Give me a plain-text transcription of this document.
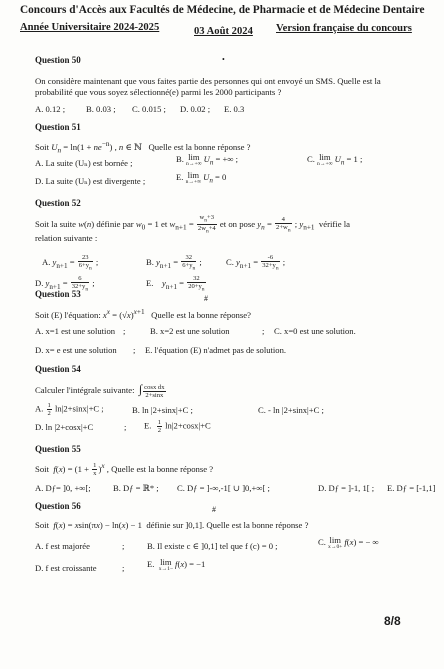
Concours d'Accès aux Facultés de Médecine, de Pharmacie et de Médecine Dentaire
Année Universitaire 2024-2025	03 Août 2024 Version française du concours
Question 50	•
On considère maintenant que vous faites partie des personnes qui ont envoyé un SMS. Quelle est la
probabilité que vous soyez sélectionné(e) parmi les 2000 participants ?
A. 0.12 ; B. 0.03 ; C. 0.015 ; D. 0.02 ; E. 0.3
Question 51
Soit $U_n = \ln(1 + ne^{-n})$ , n ∈ ℕ   Quelle est la bonne réponse ?
A. La suite (Uₙ) est bornée ;	B. lim
n→+∞ $U_n$ = +∞ ;	C. lim
n→+∞ $U_n = 1$ ;
D. La suite (Uₙ) est divergente ;	E. lim
n→+∞ $U_n = 0$
Question 52
Soit la suite w(n) définie par $w_0 = 1$ et $w_{n+1} = \frac{w_n+3}{2w_n+4}$ et on pose $y_n = \frac{4}{2+w_n}$ ; $y_{n+1}$  vérifie la
relation suivante :
A. $y_{n+1} = \frac{23}{6+y_n}$ ;	B. $y_{n+1} = \frac{32}{6+y_n}$ ;	C. $y_{n+1} = \frac{-6}{32+y_n}$ ;
D. $y_{n+1} = \frac{6}{32+y_n}$ ;	E.    $y_{n+1} = \frac{32}{20+y_n}$
Question 53	#
Soit (E) l'équation: $x^x = (√x)^{x+1}$ Quelle est la bonne réponse?
A. x=1 est une solution ;	B. x=2 est une solution	; C. x=0 est une solution.
D. x= e est une solution ; E. l'équation (E) n'admet pas de solution.
Question 54
Calculer l'intégrale suivante: ∫ $\frac{\text{cosx dx}}{2+\sin x}$
A. $\frac{1}{2} \ln|2+\sin x|+C$ ;	B. ln |2+sinx|+C ;	C. - ln |2+sinx|+C ;
D. ln |2+cosx|+C	; E. $\frac{1}{2} \ln|2+\cos x|+C$
Question 55
Soit $f(x) = (1 + \frac{1}{x} )^x$ , Quelle est la bonne réponse ?
A. Dƒ= ]0, +∞[;	B. Dƒ = ℝ* ; C. Dƒ = ]-∞,-1[ ∪ ]0,+∞[ ;	D. Dƒ = ]-1, 1[ ; E. Dƒ = [-1,1]
Question 56	#
Soit f(x) = xsin(πx) − ln(x) − 1  définie sur ]0,1]. Quelle est la bonne réponse ?
A. f est majorée	;	B. Il existe c ∈ ]0,1] tel que f (c) = 0 ;	C. lim
x→0+ f(x) = − ∞
D. f est croissante	;	E. lim
x→1− f(x) = −1
8/8
